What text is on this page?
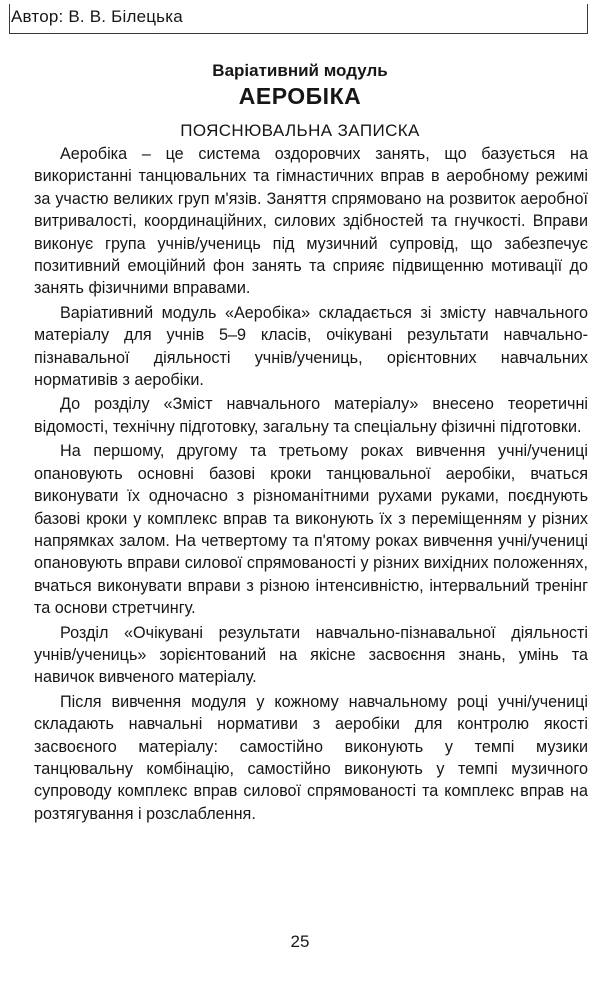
Автор: В. В. Білецька
Варіативний модуль
АЕРОБІКА
ПОЯСНЮВАЛЬНА ЗАПИСКА

Аеробіка – це система оздоровчих занять, що базується на використанні танцювальних та гімнастичних вправ в аеробному режимі за участю великих груп м'язів. Заняття спрямовано на розвиток аеробної витривалості, координаційних, силових здібностей та гнучкості. Вправи виконує група учнів/учениць під музичний супровід, що забезпечує позитивний емоційний фон занять та сприяє підвищенню мотивації до занять фізичними вправами.

Варіативний модуль «Аеробіка» складається зі змісту навчального матеріалу для учнів 5–9 класів, очікувані результати навчально-пізнавальної діяльності учнів/учениць, орієнтовних навчальних нормативів з аеробіки.

До розділу «Зміст навчального матеріалу» внесено теоретичні відомості, технічну підготовку, загальну та спеціальну фізичні підготовки.

На першому, другому та третьому роках вивчення учні/учениці опановують основні базові кроки танцювальної аеробіки, вчаться виконувати їх одночасно з різноманітними рухами руками, поєднують базові кроки у комплекс вправ та виконують їх з переміщенням у різних напрямках залом. На четвертому та п'ятому роках вивчення учні/учениці опановують вправи силової спрямованості у різних вихідних положеннях, вчаться виконувати вправи з різною інтенсивністю, інтервальний тренінг та основи стретчингу.

Розділ «Очікувані результати навчально-пізнавальної діяльності учнів/учениць» зорієнтований на якісне засвоєння знань, умінь та навичок вивченого матеріалу.

Після вивчення модуля у кожному навчальному році учні/учениці складають навчальні нормативи з аеробіки для контролю якості засвоєного матеріалу: самостійно виконують у темпі музики танцювальну комбінацію, самостійно виконують у темпі музичного супроводу комплекс вправ силової спрямованості та комплекс вправ на розтягування і розслаблення.

25
